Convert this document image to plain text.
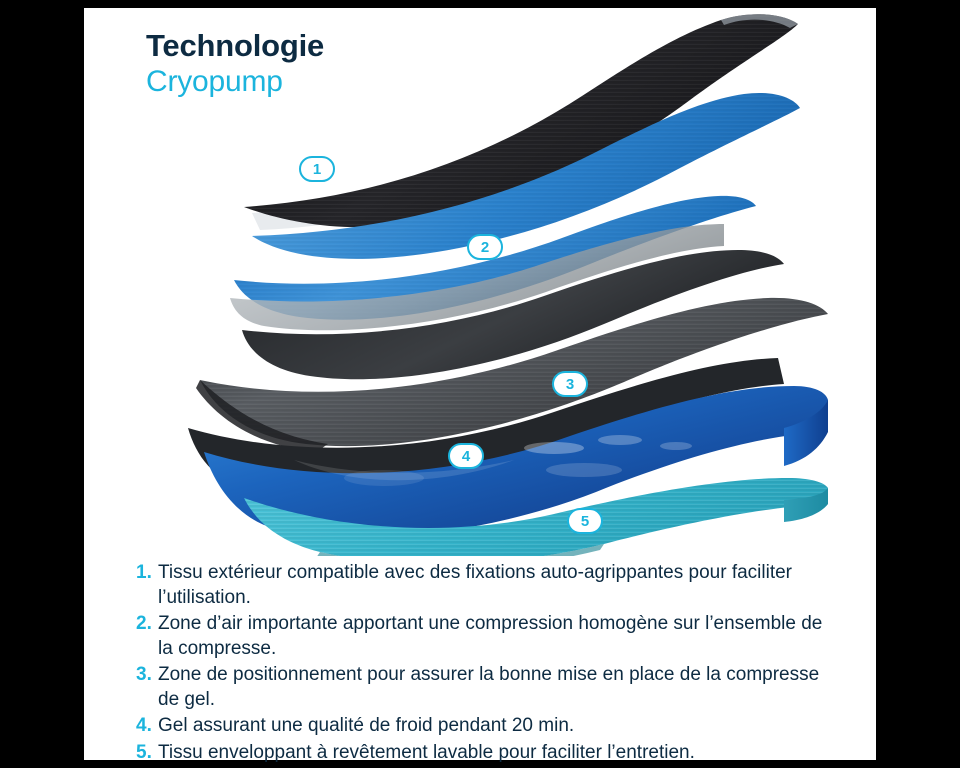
Technologie
Cryopump
1
2
3
4
5
1. Tissu extérieur compatible avec des fixations auto-agrippantes pour faciliter l’utilisation.
2. Zone d’air importante apportant une compression homogène sur l’ensemble de la compresse.
3. Zone de positionnement pour assurer la bonne mise en place de la compresse de gel.
4. Gel assurant une qualité de froid pendant 20 min.
5. Tissu enveloppant à revêtement lavable pour faciliter l’entretien.
